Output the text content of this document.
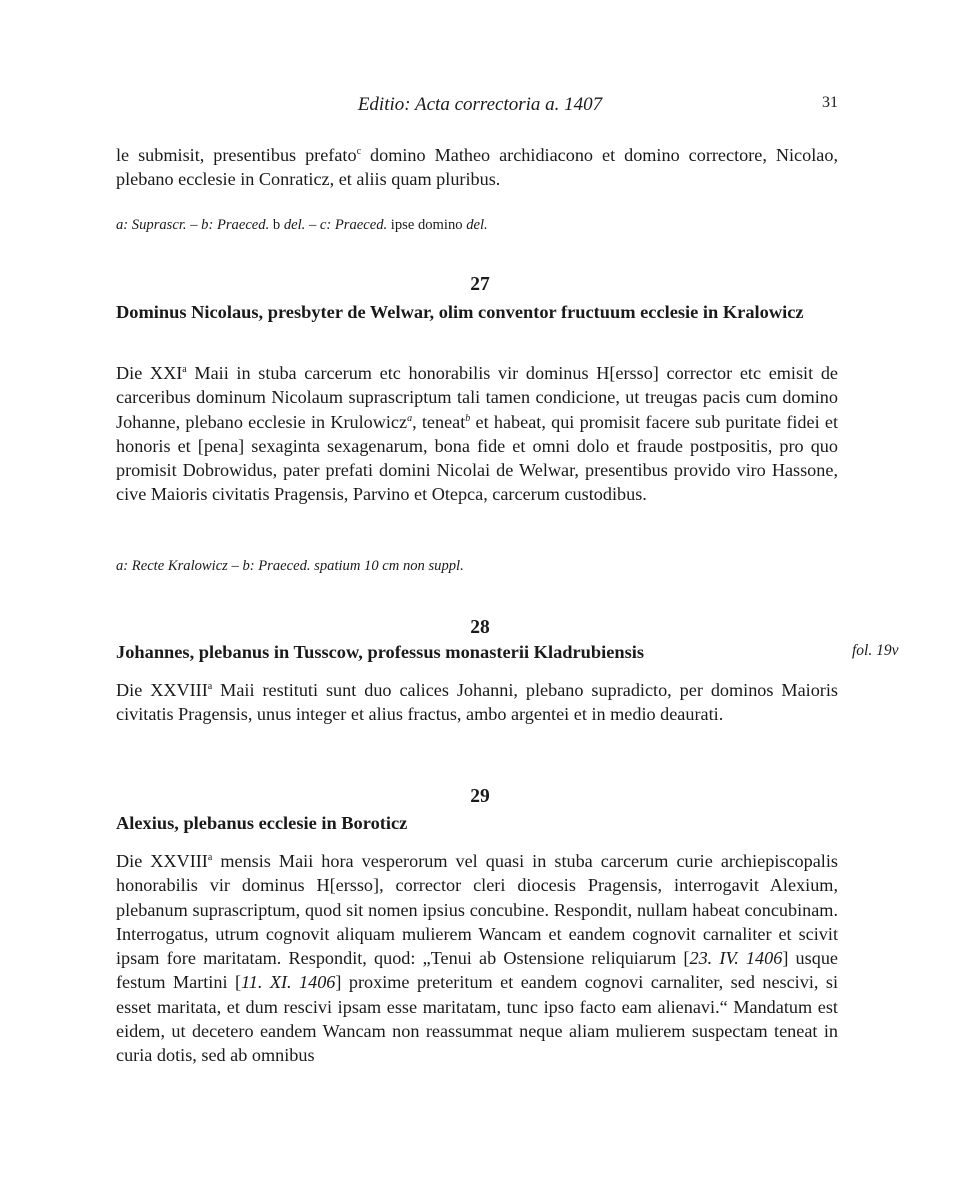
Editio: Acta correctoria a. 1407	31
le submisit, presentibus prefato$^c$ domino Matheo archidiacono et domino correctore, Nicolao, plebano ecclesie in Conraticz, et aliis quam pluribus.
a: Suprascr. – b: Praeced. b del. – c: Praeced. ipse domino del.
27
Dominus Nicolaus, presbyter de Welwar, olim conventor fructuum ecclesie in Kralowicz
Die XXI$^a$ Maii in stuba carcerum etc honorabilis vir dominus H[ersso] corrector etc emisit de carceribus dominum Nicolaum suprascriptum tali tamen condicione, ut treugas pacis cum domino Johanne, plebano ecclesie in Krulowicz$^a$, teneat$^b$ et habeat, qui promisit facere sub puritate fidei et honoris et [pena] sexaginta sexagenarum, bona fide et omni dolo et fraude postpositis, pro quo promisit Dobrowidus, pater prefati domini Nicolai de Welwar, presentibus provido viro Hassone, cive Maioris civitatis Pragensis, Parvino et Otepca, carcerum custodibus.
a: Recte Kralowicz – b: Praeced. spatium 10 cm non suppl.
28
Johannes, plebanus in Tusscow, professus monasterii Kladrubiensis	fol. 19v
Die XXVIII$^a$ Maii restituti sunt duo calices Johanni, plebano supradicto, per dominos Maioris civitatis Pragensis, unus integer et alius fractus, ambo argentei et in medio deaurati.
29
Alexius, plebanus ecclesie in Boroticz
Die XXVIII$^a$ mensis Maii hora vesperorum vel quasi in stuba carcerum curie archiepiscopalis honorabilis vir dominus H[ersso], corrector cleri diocesis Pragensis, interrogavit Alexium, plebanum suprascriptum, quod sit nomen ipsius concubine. Respondit, nullam habeat concubinam. Interrogatus, utrum cognovit aliquam mulierem Wancam et eandem cognovit carnaliter et scivit ipsam fore maritatam. Respondit, quod: „Tenui ab Ostensione reliquiarum [23. IV. 1406] usque festum Martini [11. XI. 1406] proxime preteritum et eandem cognovi carnaliter, sed nescivi, si esset maritata, et dum rescivi ipsam esse maritatam, tunc ipso facto eam alienavi.“ Mandatum est eidem, ut decetero eandem Wancam non reassummat neque aliam mulierem suspectam teneat in curia dotis, sed ab omnibus
